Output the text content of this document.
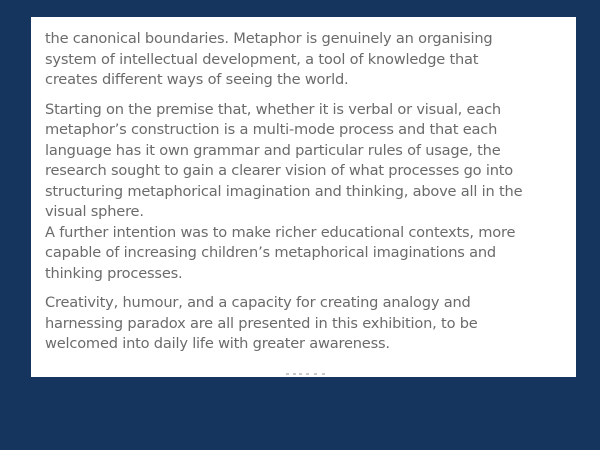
the canonical boundaries. Metaphor is genuinely an organising
system of intellectual development, a tool of knowledge that
creates different ways of seeing the world.

Starting on the premise that, whether it is verbal or visual, each
metaphor’s construction is a multi-mode process and that each
language has it own grammar and particular rules of usage, the
research sought to gain a clearer vision of what processes go into
structuring metaphorical imagination and thinking, above all in the
visual sphere.
A further intention was to make richer educational contexts, more
capable of increasing children’s metaphorical imaginations and
thinking processes.

Creativity, humour, and a capacity for creating analogy and
harnessing paradox are all presented in this exhibition, to be
welcomed into daily life with greater awareness.
